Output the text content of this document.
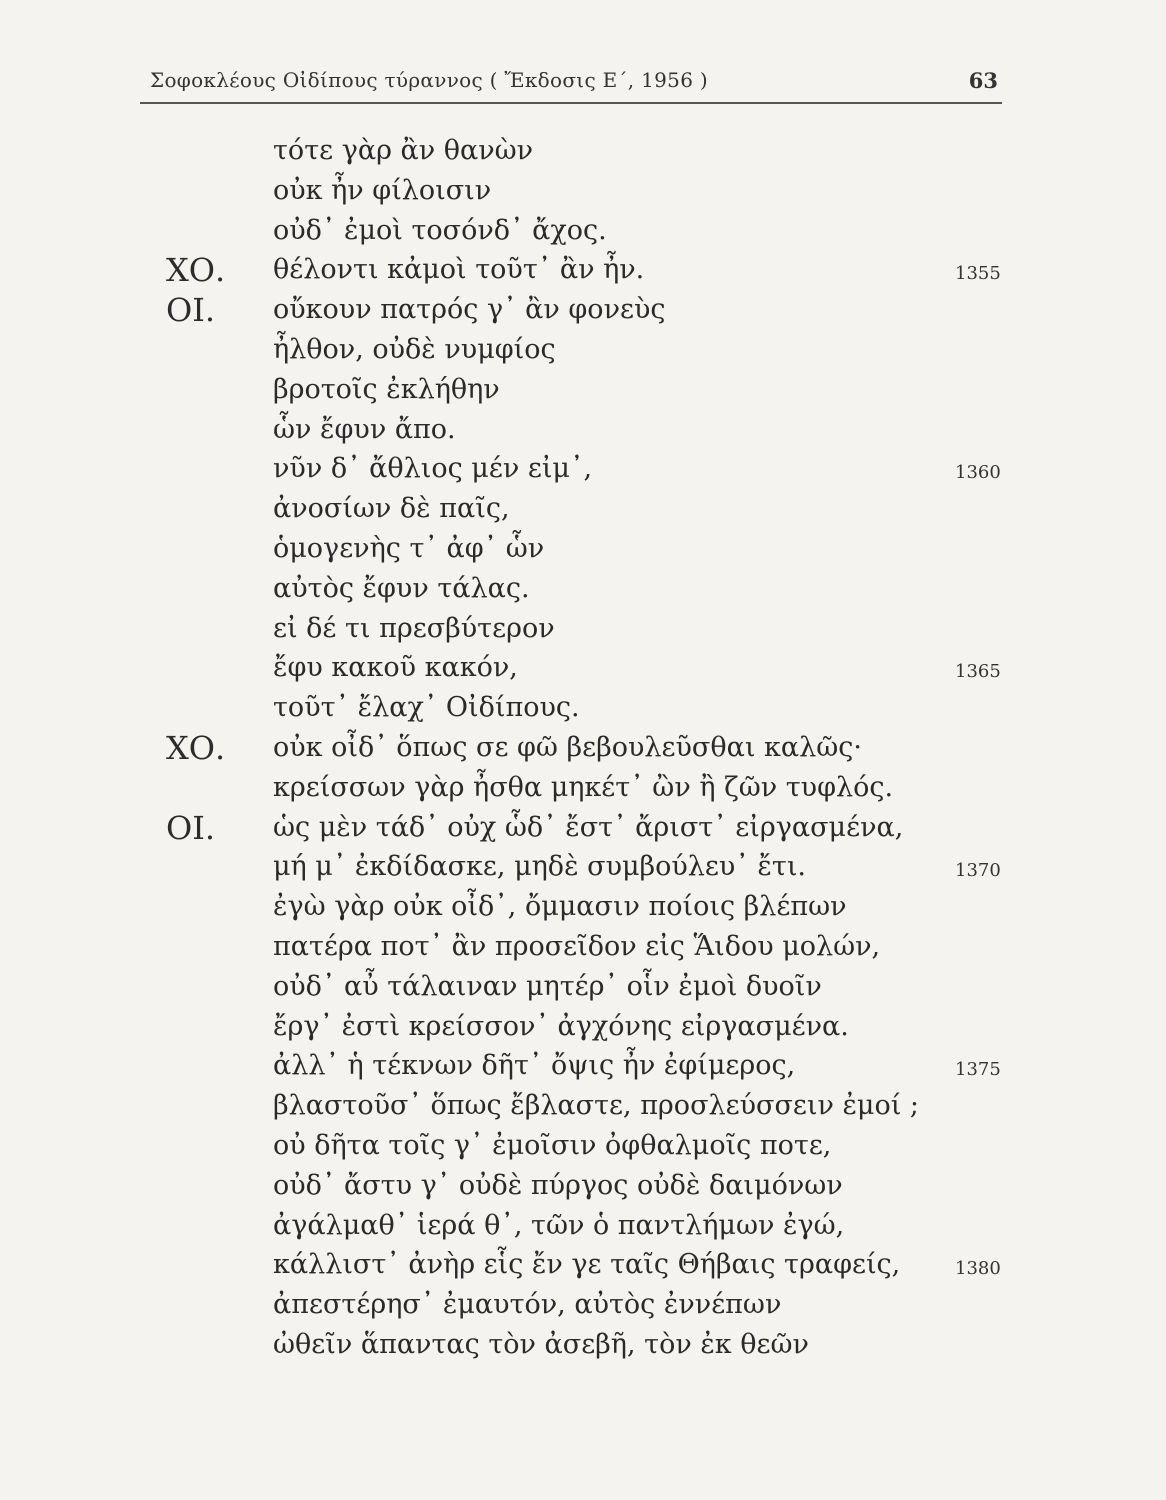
Σοφοκλέους Οἰδίπους τύραννος ( Ἔκδοσις Ε΄, 1956 )	63
τότε γὰρ ἂν θανὼν
οὐκ ἦν φίλοισιν
οὐδ᾽ ἐμοὶ τοσόνδ᾽ ἄχος.
ΧΟ. θέλοντι κἀμοὶ τοῦτ᾽ ἂν ἦν.	1355
ΟΙ. οὔκουν πατρός γ᾽ ἂν φονεὺς
ἦλθον, οὐδὲ νυμφίος
βροτοῖς ἐκλήθην
ὧν ἔφυν ἄπο.
νῦν δ᾽ ἄθλιος μέν εἰμ᾽,	1360
ἀνοσίων δὲ παῖς,
ὁμογενὴς τ᾽ ἀφ᾽ ὧν
αὐτὸς ἔφυν τάλας.
εἰ δέ τι πρεσβύτερον
ἔφυ κακοῦ κακόν,	1365
τοῦτ᾽ ἔλαχ᾽ Οἰδίπους.
ΧΟ. οὐκ οἶδ᾽ ὅπως σε φῶ βεβουλεῦσθαι καλῶς·
κρείσσων γὰρ ἦσθα μηκέτ᾽ ὢν ἢ ζῶν τυφλός.
ΟΙ. ὡς μὲν τάδ᾽ οὐχ ὧδ᾽ ἔστ᾽ ἄριστ᾽ εἰργασμένα,
μή μ᾽ ἐκδίδασκε, μηδὲ συμβούλευ᾽ ἔτι.	1370
ἐγὼ γὰρ οὐκ οἶδ᾽, ὄμμασιν ποίοις βλέπων
πατέρα ποτ᾽ ἂν προσεῖδον εἰς Ἅιδου μολών,
οὐδ᾽ αὖ τάλαιναν μητέρ᾽ οἷν ἐμοὶ δυοῖν
ἔργ᾽ ἐστὶ κρείσσον᾽ ἀγχόνης εἰργασμένα.
ἀλλ᾽ ἡ τέκνων δῆτ᾽ ὄψις ἦν ἐφίμερος,	1375
βλαστοῦσ᾽ ὅπως ἔβλαστε, προσλεύσσειν ἐμοί ;
οὐ δῆτα τοῖς γ᾽ ἐμοῖσιν ὀφθαλμοῖς ποτε,
οὐδ᾽ ἄστυ γ᾽ οὐδὲ πύργος οὐδὲ δαιμόνων
ἀγάλμαθ᾽ ἱερά θ᾽, τῶν ὁ παντλήμων ἐγώ,
κάλλιστ᾽ ἀνὴρ εἷς ἔν γε ταῖς Θήβαις τραφείς,	1380
ἀπεστέρησ᾽ ἐμαυτόν, αὐτὸς ἐννέπων
ὠθεῖν ἅπαντας τὸν ἀσεβῆ, τὸν ἐκ θεῶν
